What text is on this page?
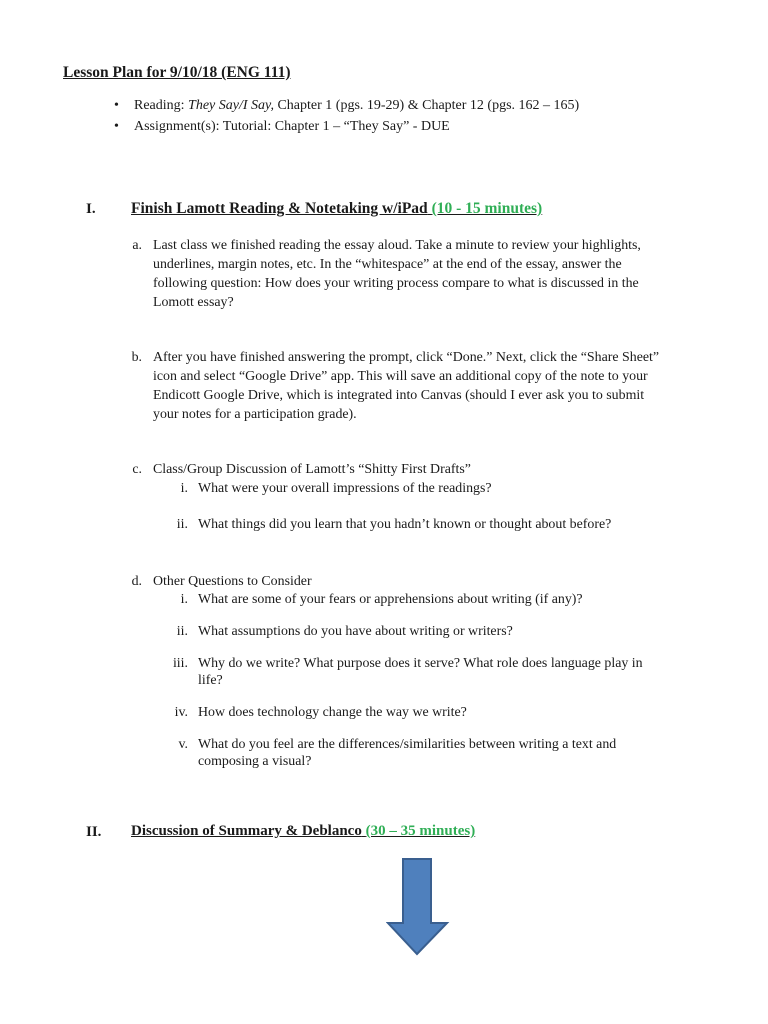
Lesson Plan for 9/10/18 (ENG 111)
• Reading: They Say/I Say, Chapter 1 (pgs. 19-29) & Chapter 12 (pgs. 162 – 165)
• Assignment(s): Tutorial: Chapter 1 – “They Say” - DUE
I. Finish Lamott Reading & Notetaking w/iPad (10 - 15 minutes)
a. Last class we finished reading the essay aloud. Take a minute to review your highlights,
underlines, margin notes, etc. In the “whitespace” at the end of the essay, answer the
following question: How does your writing process compare to what is discussed in the
Lomott essay?
b. After you have finished answering the prompt, click “Done.” Next, click the “Share Sheet”
icon and select “Google Drive” app. This will save an additional copy of the note to your
Endicott Google Drive, which is integrated into Canvas (should I ever ask you to submit
your notes for a participation grade).
c. Class/Group Discussion of Lamott’s “Shitty First Drafts”
i. What were your overall impressions of the readings?
ii. What things did you learn that you hadn’t known or thought about before?
d. Other Questions to Consider
i. What are some of your fears or apprehensions about writing (if any)?
ii. What assumptions do you have about writing or writers?
iii. Why do we write? What purpose does it serve? What role does language play in
life?
iv. How does technology change the way we write?
v. What do you feel are the differences/similarities between writing a text and
composing a visual?
II. Discussion of Summary & Deblanco (30 – 35 minutes)
